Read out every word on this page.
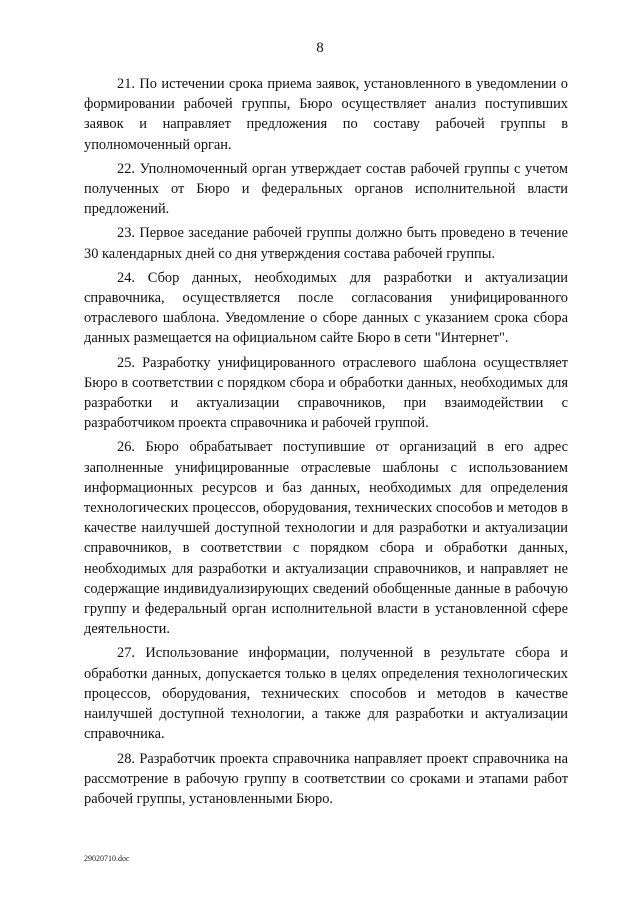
8

21. По истечении срока приема заявок, установленного в уведомлении о формировании рабочей группы, Бюро осуществляет анализ поступивших заявок и направляет предложения по составу рабочей группы в уполномоченный орган.

22. Уполномоченный орган утверждает состав рабочей группы с учетом полученных от Бюро и федеральных органов исполнительной власти предложений.

23. Первое заседание рабочей группы должно быть проведено в течение 30 календарных дней со дня утверждения состава рабочей группы.

24. Сбор данных, необходимых для разработки и актуализации справочника, осуществляется после согласования унифицированного отраслевого шаблона. Уведомление о сборе данных с указанием срока сбора данных размещается на официальном сайте Бюро в сети "Интернет".

25. Разработку унифицированного отраслевого шаблона осуществляет Бюро в соответствии с порядком сбора и обработки данных, необходимых для разработки и актуализации справочников, при взаимодействии с разработчиком проекта справочника и рабочей группой.

26. Бюро обрабатывает поступившие от организаций в его адрес заполненные унифицированные отраслевые шаблоны с использованием информационных ресурсов и баз данных, необходимых для определения технологических процессов, оборудования, технических способов и методов в качестве наилучшей доступной технологии и для разработки и актуализации справочников, в соответствии с порядком сбора и обработки данных, необходимых для разработки и актуализации справочников, и направляет не содержащие индивидуализирующих сведений обобщенные данные в рабочую группу и федеральный орган исполнительной власти в установленной сфере деятельности.

27. Использование информации, полученной в результате сбора и обработки данных, допускается только в целях определения технологических процессов, оборудования, технических способов и методов в качестве наилучшей доступной технологии, а также для разработки и актуализации справочника.

28. Разработчик проекта справочника направляет проект справочника на рассмотрение в рабочую группу в соответствии со сроками и этапами работ рабочей группы, установленными Бюро.

29020710.doc
